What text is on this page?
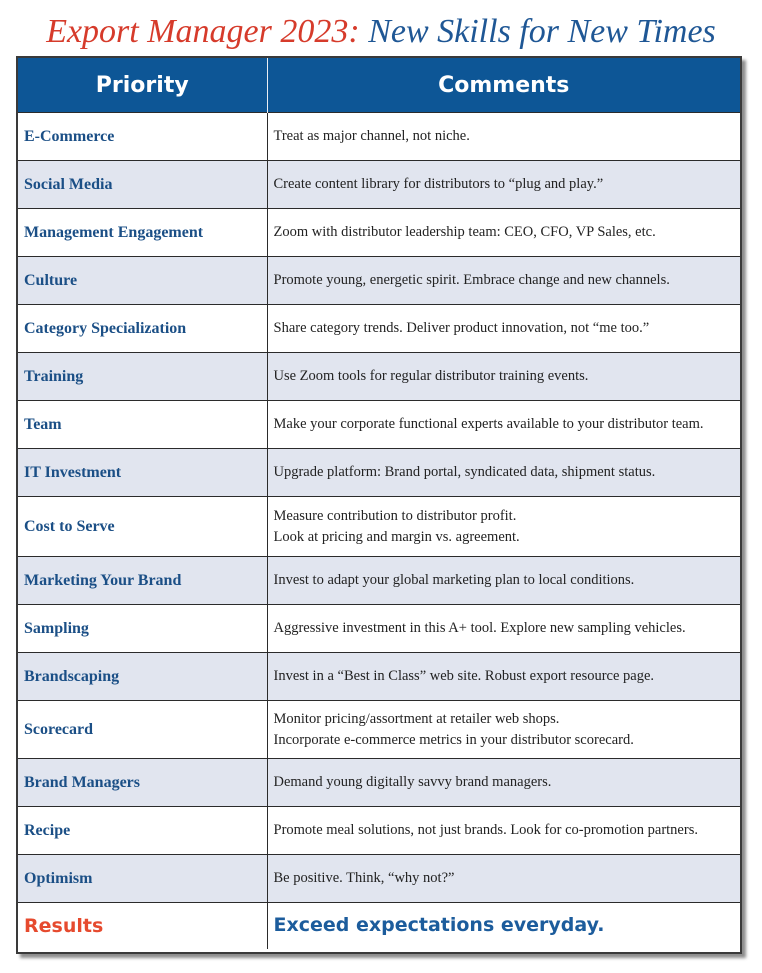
Export Manager 2023: New Skills for New Times
Priority	Comments
E-Commerce	Treat as major channel, not niche.

Social Media	Create content library for distributors to “plug and play.”

Management Engagement	Zoom with distributor leadership team: CEO, CFO, VP Sales, etc.

Culture	Promote young, energetic spirit. Embrace change and new channels.

Category Specialization	Share category trends. Deliver product innovation, not “me too.”

Training	Use Zoom tools for regular distributor training events.

Team	Make your corporate functional experts available to your distributor team.

IT Investment	Upgrade platform: Brand portal, syndicated data, shipment status.

Cost to Serve	Measure contribution to distributor profit.
Look at pricing and margin vs. agreement.

Marketing Your Brand	Invest to adapt your global marketing plan to local conditions.

Sampling	Aggressive investment in this A+ tool. Explore new sampling vehicles.

Brandscaping	Invest in a “Best in Class” web site. Robust export resource page.

Scorecard	Monitor pricing/assortment at retailer web shops.
Incorporate e-commerce metrics in your distributor scorecard.

Brand Managers	Demand young digitally savvy brand managers.

Recipe	Promote meal solutions, not just brands. Look for co-promotion partners.

Optimism	Be positive. Think, “why not?”

Results	Exceed expectations everyday.
